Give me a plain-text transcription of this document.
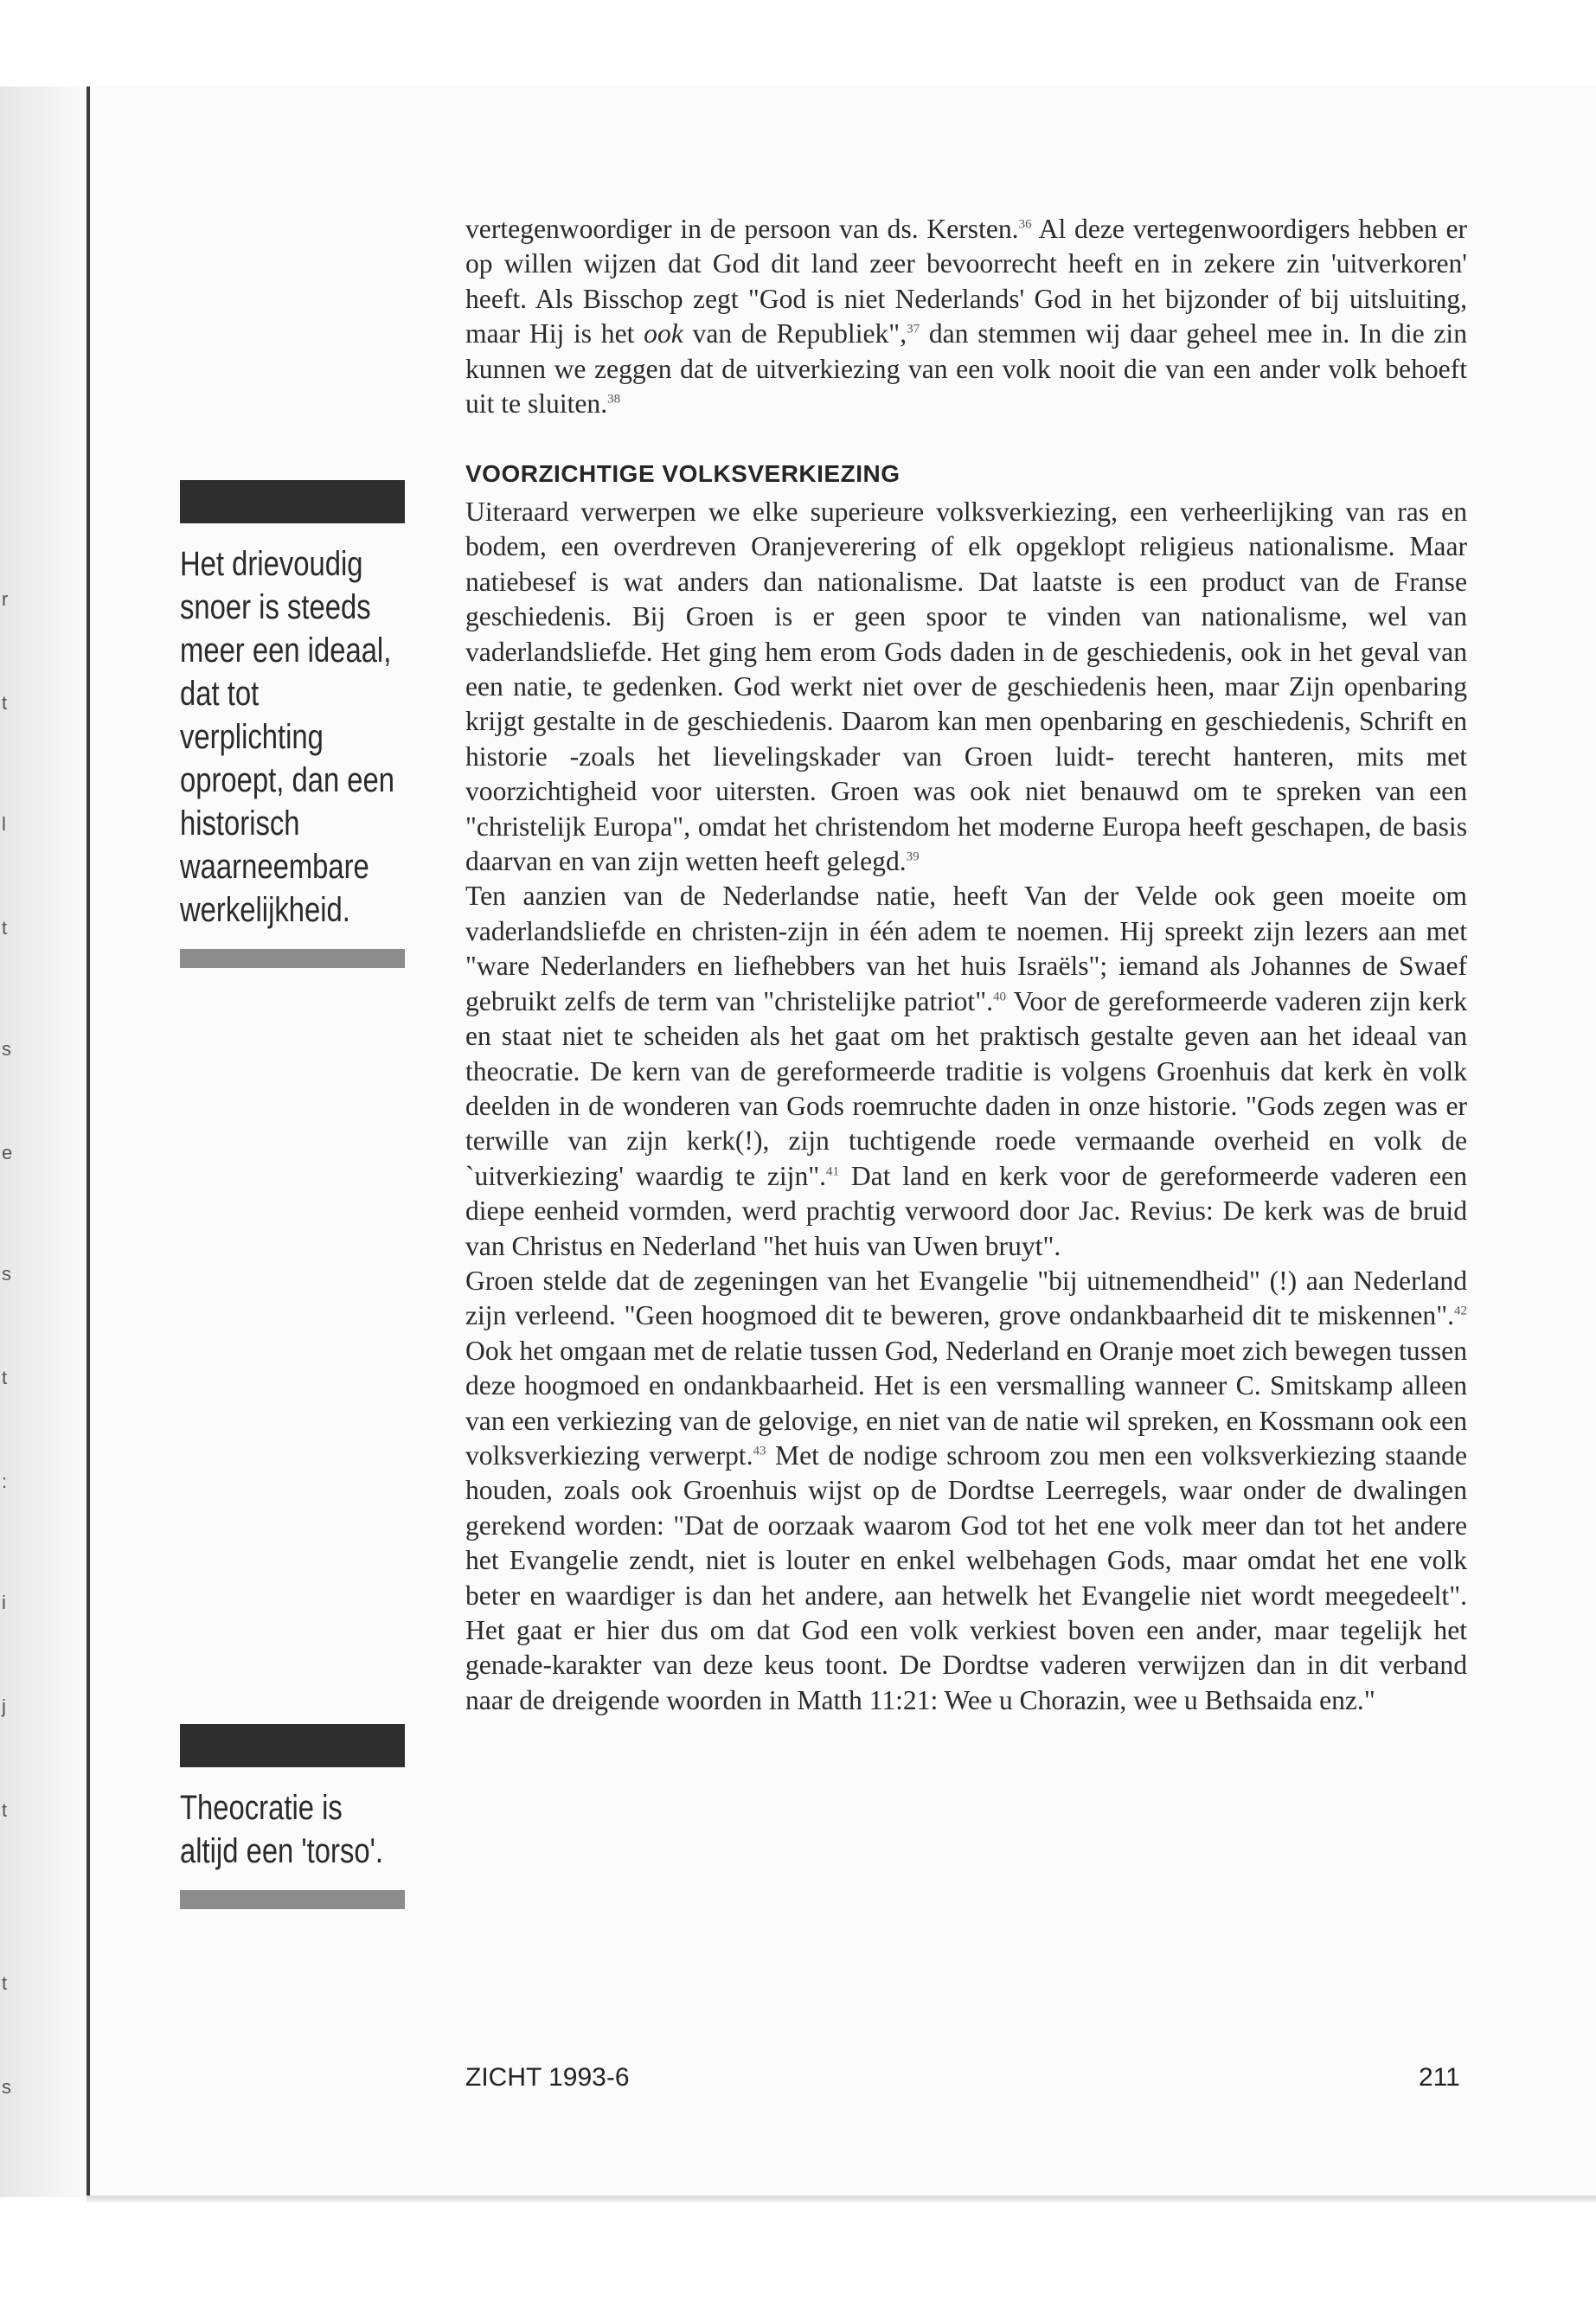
r
t
l
t
s
e
s
t
:
i
j
t
t
s

vertegenwoordiger in de persoon van ds. Kersten.$^{36}$ Al deze vertegenwoordigers hebben er op willen wijzen dat God dit land zeer bevoorrecht heeft en in zekere zin 'uitverkoren' heeft. Als Bisschop zegt "God is niet Nederlands' God in het bijzonder of bij uitsluiting, maar Hij is het ook van de Republiek",$^{37}$ dan stemmen wij daar geheel mee in. In die zin kunnen we zeggen dat de uitverkiezing van een volk nooit die van een ander volk behoeft uit te sluiten.$^{38}$

VOORZICHTIGE VOLKSVERKIEZING

Uiteraard verwerpen we elke superieure volksverkiezing, een verheerlijking van ras en bodem, een overdreven Oranjeverering of elk opgeklopt religieus nationalisme. Maar natiebesef is wat anders dan nationalisme. Dat laatste is een product van de Franse geschiedenis. Bij Groen is er geen spoor te vinden van nationalisme, wel van vaderlandsliefde. Het ging hem erom Gods daden in de geschiedenis, ook in het geval van een natie, te gedenken. God werkt niet over de geschiedenis heen, maar Zijn openbaring krijgt gestalte in de geschiedenis. Daarom kan men openbaring en geschiedenis, Schrift en historie -zoals het lievelingskader van Groen luidt- terecht hanteren, mits met voorzichtigheid voor uitersten. Groen was ook niet benauwd om te spreken van een "christelijk Europa", omdat het christendom het moderne Europa heeft geschapen, de basis daarvan en van zijn wetten heeft gelegd.$^{39}$

Ten aanzien van de Nederlandse natie, heeft Van der Velde ook geen moeite om vaderlandsliefde en christen-zijn in één adem te noemen. Hij spreekt zijn lezers aan met "ware Nederlanders en liefhebbers van het huis Israëls"; iemand als Johannes de Swaef gebruikt zelfs de term van "christelijke patriot".$^{40}$ Voor de gereformeerde vaderen zijn kerk en staat niet te scheiden als het gaat om het praktisch gestalte geven aan het ideaal van theocratie. De kern van de gereformeerde traditie is volgens Groenhuis dat kerk èn volk deelden in de wonderen van Gods roemruchte daden in onze historie. "Gods zegen was er terwille van zijn kerk(!), zijn tuchtigende roede vermaande overheid en volk de `uitverkiezing' waardig te zijn".$^{41}$ Dat land en kerk voor de gereformeerde vaderen een diepe eenheid vormden, werd prachtig verwoord door Jac. Revius: De kerk was de bruid van Christus en Nederland "het huis van Uwen bruyt".

Groen stelde dat de zegeningen van het Evangelie "bij uitnemendheid" (!) aan Nederland zijn verleend. "Geen hoogmoed dit te beweren, grove ondankbaarheid dit te miskennen".$^{42}$ Ook het omgaan met de relatie tussen God, Nederland en Oranje moet zich bewegen tussen deze hoogmoed en ondankbaarheid. Het is een versmalling wanneer C. Smitskamp alleen van een verkiezing van de gelovige, en niet van de natie wil spreken, en Kossmann ook een volksverkiezing verwerpt.$^{43}$ Met de nodige schroom zou men een volksverkiezing staande houden, zoals ook Groenhuis wijst op de Dordtse Leerregels, waar onder de dwalingen gerekend worden: "Dat de oorzaak waarom God tot het ene volk meer dan tot het andere het Evangelie zendt, niet is louter en enkel welbehagen Gods, maar omdat het ene volk beter en waardiger is dan het andere, aan hetwelk het Evangelie niet wordt meegedeelt". Het gaat er hier dus om dat God een volk verkiest boven een ander, maar tegelijk het genade-karakter van deze keus toont. De Dordtse vaderen verwijzen dan in dit verband naar de dreigende woorden in Matth 11:21: Wee u Chorazin, wee u Bethsaida enz."

Het drievoudig snoer is steeds meer een ideaal, dat tot verplichting oproept, dan een historisch waarneembare werkelijkheid.
Theocratie is altijd een 'torso'.
ZICHT 1993-6	211
